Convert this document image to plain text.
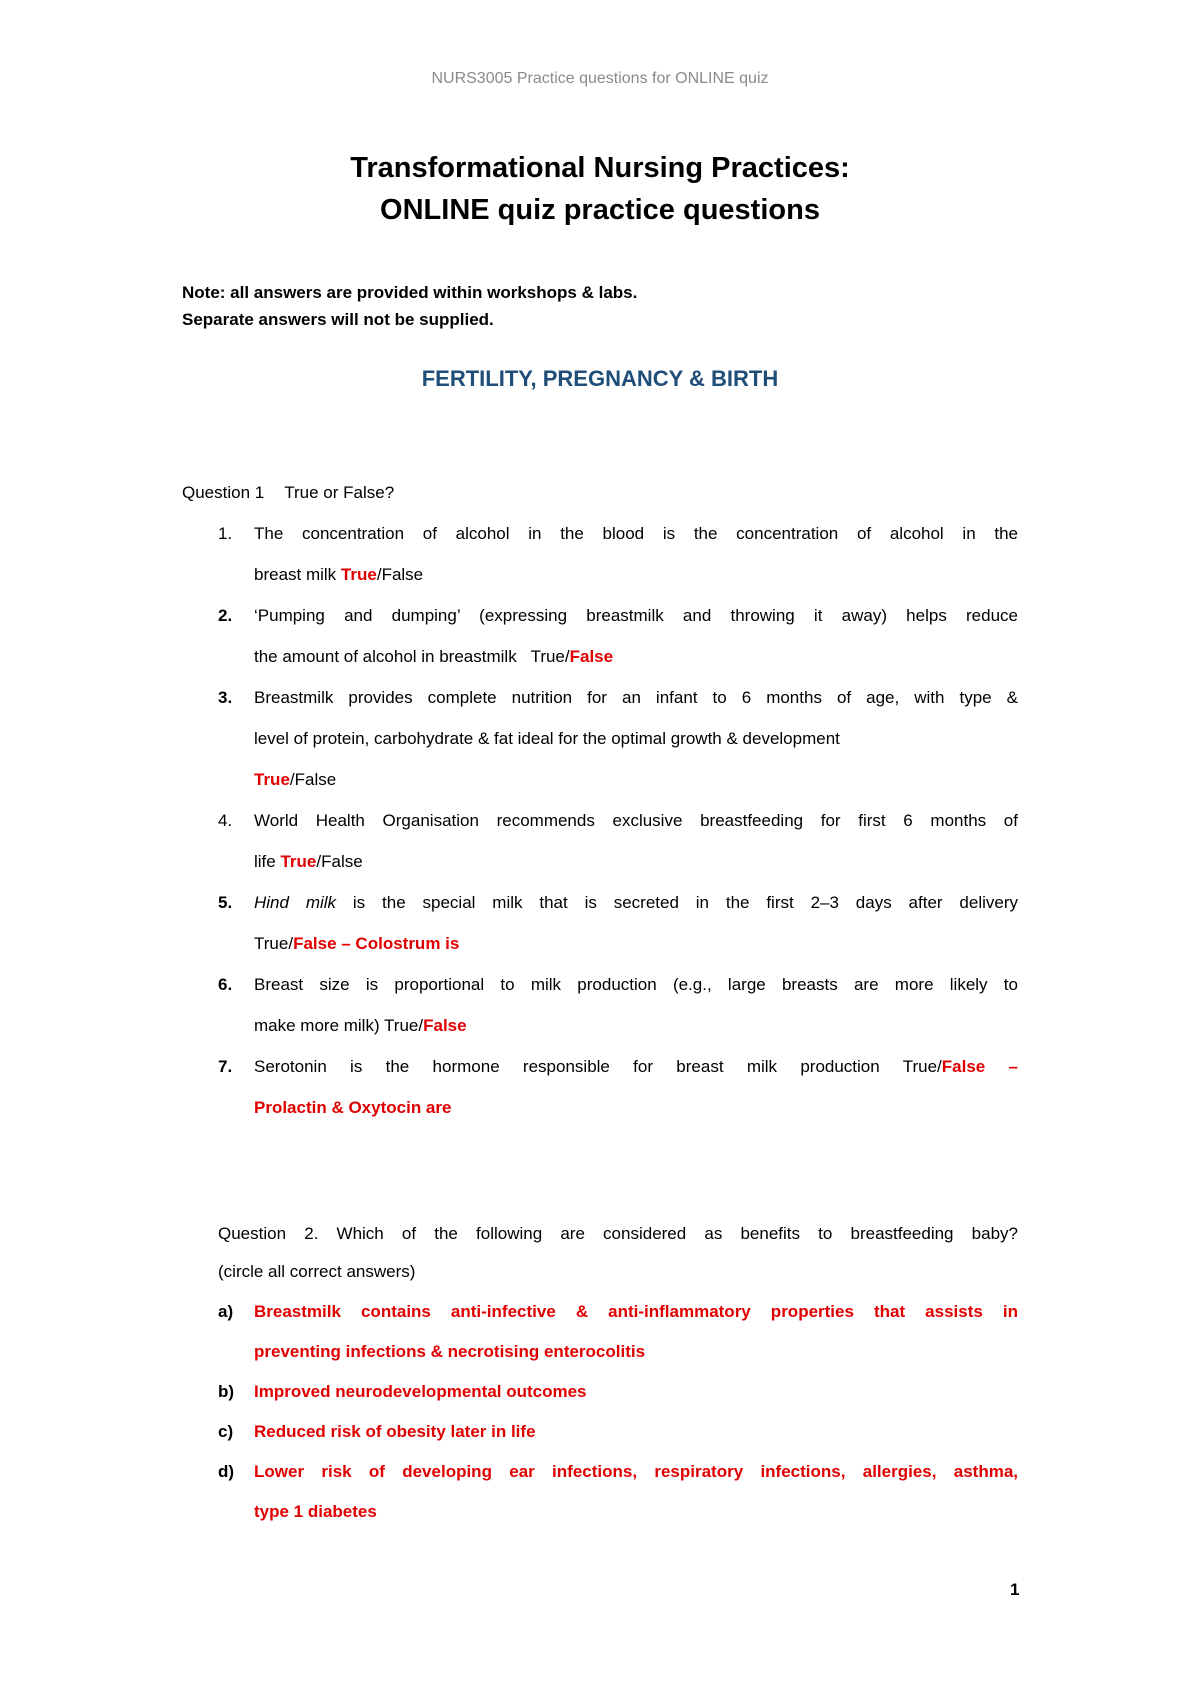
NURS3005 Practice questions for ONLINE quiz
Transformational Nursing Practices:
ONLINE quiz practice questions
Note: all answers are provided within workshops & labs.
Separate answers will not be supplied.
FERTILITY, PREGNANCY & BIRTH
Question 1 True or False?
1. The concentration of alcohol in the blood is the concentration of alcohol in the
breast milk True/False
2. ‘Pumping and dumping’ (expressing breastmilk and throwing it away) helps reduce
the amount of alcohol in breastmilk   True/False
3. Breastmilk provides complete nutrition for an infant to 6 months of age, with type &
level of protein, carbohydrate & fat ideal for the optimal growth & development
True/False
4. World Health Organisation recommends exclusive breastfeeding for first 6 months of
life True/False
5. Hind milk is the special milk that is secreted in the first 2–3 days after delivery
True/False – Colostrum is
6. Breast size is proportional to milk production (e.g., large breasts are more likely to
make more milk) True/False
7. Serotonin is the hormone responsible for breast milk production True/False –
Prolactin & Oxytocin are
Question 2. Which of the following are considered as benefits to breastfeeding baby?
(circle all correct answers)
a) Breastmilk contains anti-infective & anti-inflammatory properties that assists in
preventing infections & necrotising enterocolitis
b) Improved neurodevelopmental outcomes
c) Reduced risk of obesity later in life
d) Lower risk of developing ear infections, respiratory infections, allergies, asthma,
type 1 diabetes
1
